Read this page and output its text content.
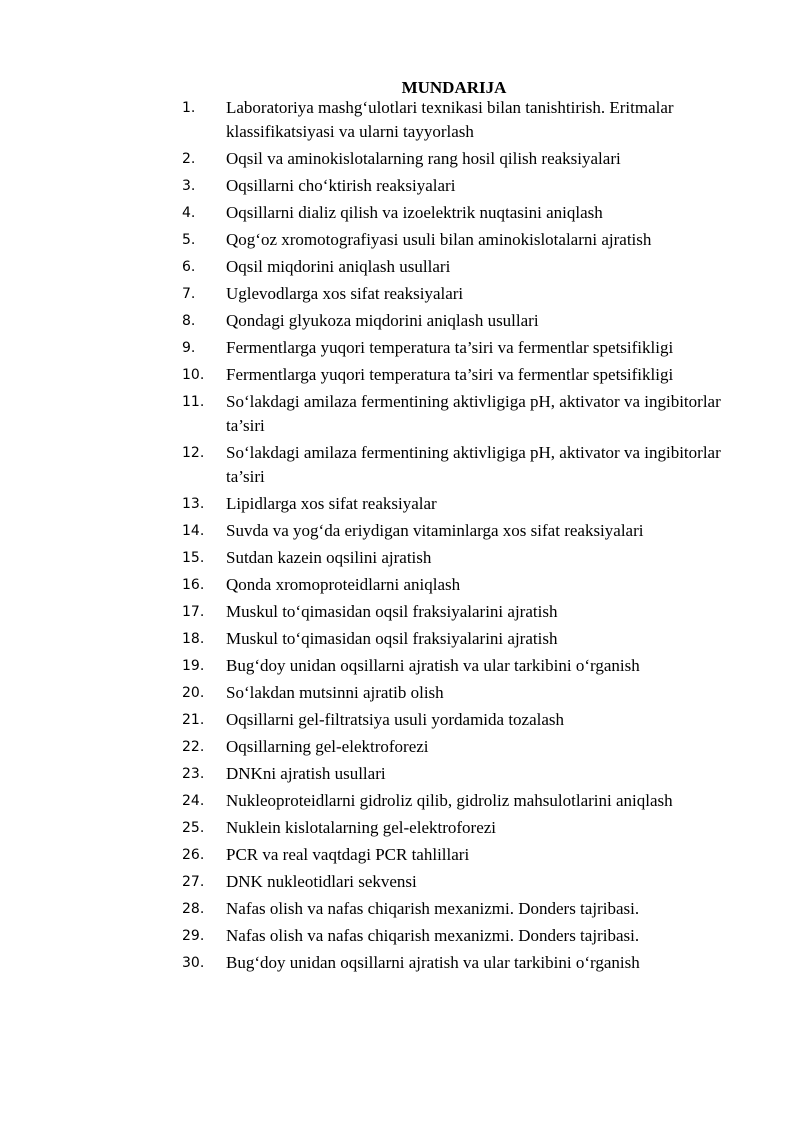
MUNDARIJA
1.	Laboratoriya mashg‘ulotlari texnikasi bilan tanishtirish. Eritmalar klassifikatsiyasi va ularni tayyorlash
2.	Oqsil va aminokislotalarning rang hosil qilish reaksiyalari
3.	Oqsillarni cho‘ktirish reaksiyalari
4.	Oqsillarni dializ qilish va izoelektrik nuqtasini aniqlash
5.	Qog‘oz xromotografiyasi usuli bilan aminokislotalarni ajratish
6.	Oqsil miqdorini aniqlash usullari
7.	Uglevodlarga xos sifat reaksiyalari
8.	Qondagi glyukoza miqdorini aniqlash usullari
9.	Fermentlarga yuqori temperatura ta’siri va fermentlar spetsifikligi
10.	Fermentlarga yuqori temperatura ta’siri va fermentlar spetsifikligi
11.	So‘lakdagi amilaza fermentining aktivligiga pH, aktivator va ingibitorlar ta’siri
12.	So‘lakdagi amilaza fermentining aktivligiga pH, aktivator va ingibitorlar ta’siri
13.	Lipidlarga xos sifat reaksiyalar
14.	Suvda va yog‘da eriydigan vitaminlarga xos sifat reaksiyalari
15.	Sutdan kazein oqsilini ajratish
16.	Qonda xromoproteidlarni aniqlash
17.	Muskul to‘qimasidan oqsil fraksiyalarini ajratish
18.	Muskul to‘qimasidan oqsil fraksiyalarini ajratish
19.	Bug‘doy unidan oqsillarni ajratish va ular tarkibini o‘rganish
20.	So‘lakdan mutsinni ajratib olish
21.	Oqsillarni gel-filtratsiya usuli yordamida tozalash
22.	Oqsillarning gel-elektroforezi
23.	DNKni ajratish usullari
24.	Nukleoproteidlarni gidroliz qilib, gidroliz mahsulotlarini aniqlash
25.	Nuklein kislotalarning gel-elektroforezi
26.	PCR va real vaqtdagi PCR tahlillari
27.	DNK nukleotidlari sekvensi
28.	Nafas olish va nafas chiqarish mexanizmi. Donders tajribasi.
29.	Nafas olish va nafas chiqarish mexanizmi. Donders tajribasi.
30.	Bug‘doy unidan oqsillarni ajratish va ular tarkibini o‘rganish
